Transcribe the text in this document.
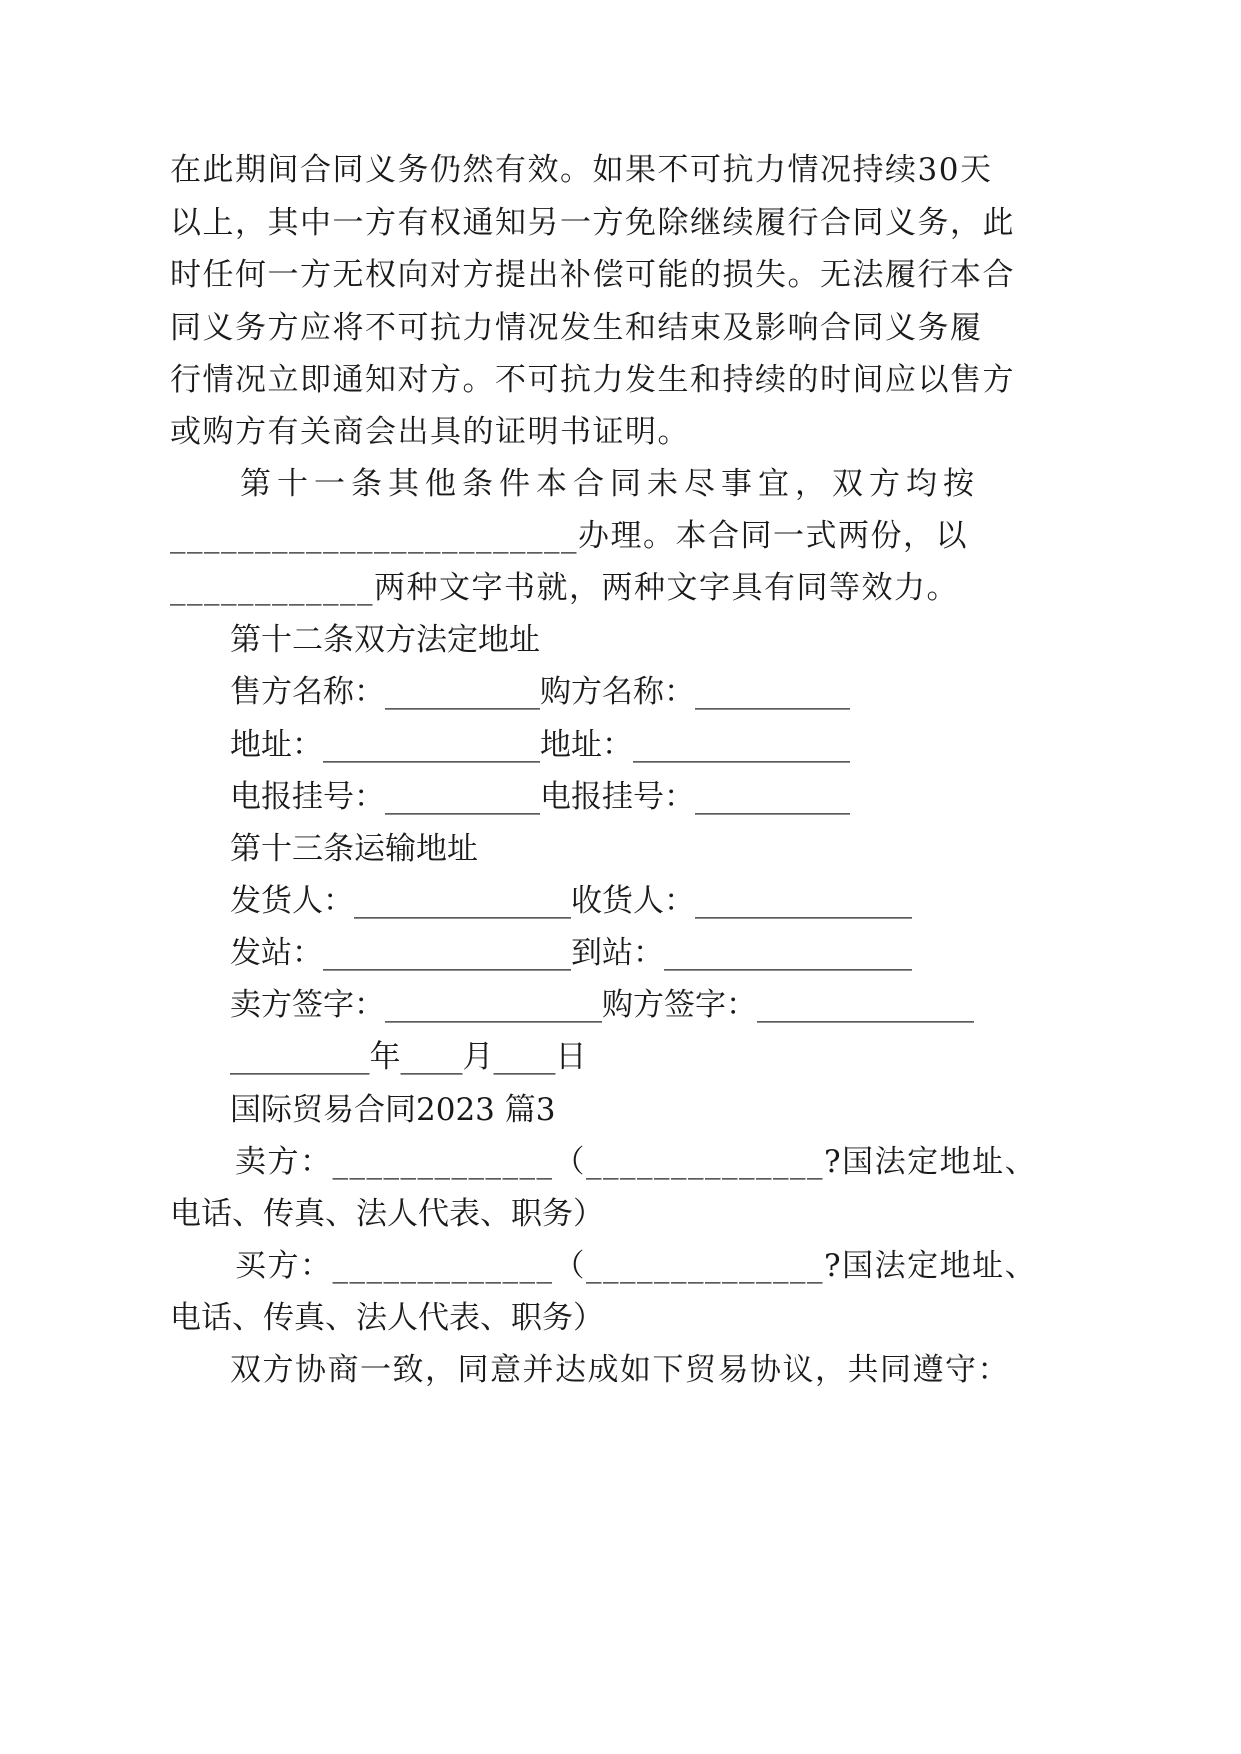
在此期间合同义务仍然有效。如果不可抗力情况持续30天
以上，其中一方有权通知另一方免除继续履行合同义务，此
时任何一方无权向对方提出补偿可能的损失。无法履行本合
同义务方应将不可抗力情况发生和结束及影响合同义务履
行情况立即通知对方。不可抗力发生和持续的时间应以售方
或购方有关商会出具的证明书证明。
第十一条其他条件本合同未尽事宜，双方均按
________________________办理。本合同一式两份，以
____________两种文字书就，两种文字具有同等效力。
第十二条双方法定地址
售方名称：__________购方名称：__________
地址：______________地址：______________
电报挂号：__________电报挂号：__________
第十三条运输地址
发货人：______________收货人：______________
发站：________________到站：________________
卖方签字：______________购方签字：______________
_________年____月____日
国际贸易合同2023 篇3
卖方：_____________（______________?国法定地址、
电话、传真、法人代表、职务）
买方：_____________（______________?国法定地址、
电话、传真、法人代表、职务）
双方协商一致，同意并达成如下贸易协议，共同遵守：
